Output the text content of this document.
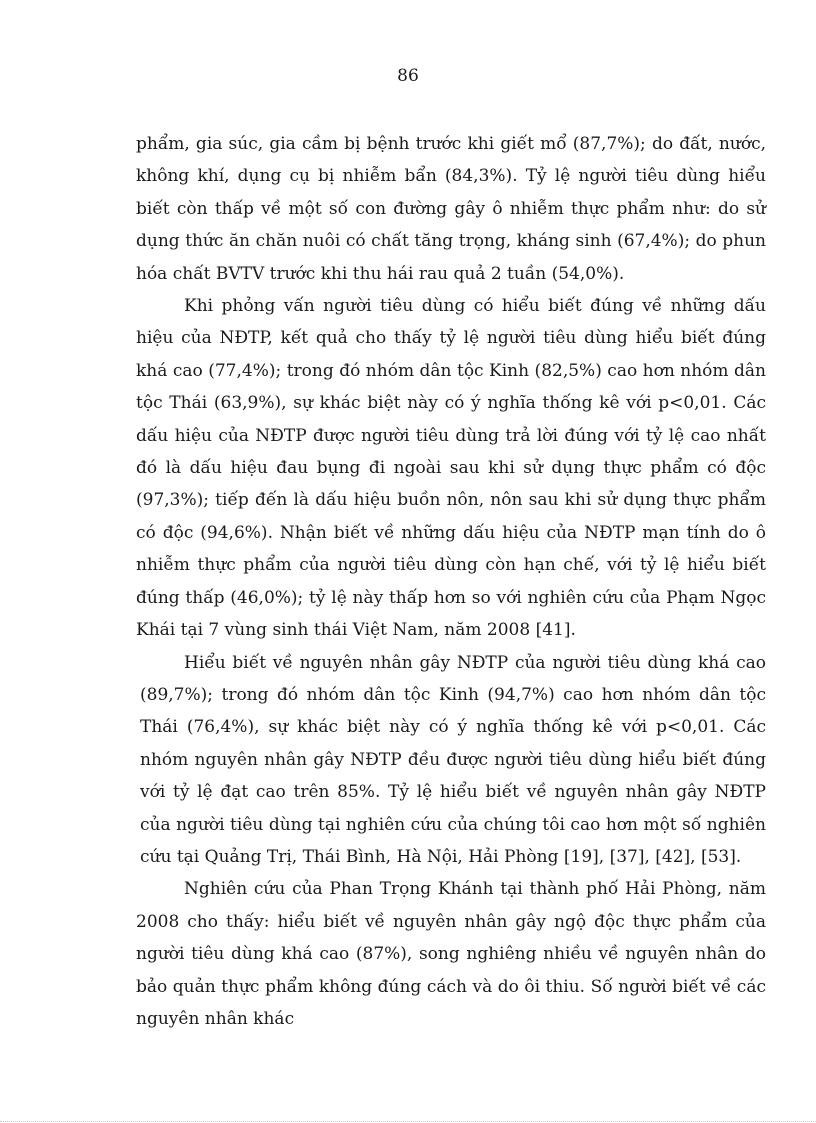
86

phẩm, gia súc, gia cầm bị bệnh trước khi giết mổ (87,7%); do đất, nước, không khí, dụng cụ bị nhiễm bẩn (84,3%). Tỷ lệ người tiêu dùng hiểu biết còn thấp về một số con đường gây ô nhiễm thực phẩm như: do sử dụng thức ăn chăn nuôi có chất tăng trọng, kháng sinh (67,4%); do phun hóa chất BVTV trước khi thu hái rau quả 2 tuần (54,0%).

Khi phỏng vấn người tiêu dùng có hiểu biết đúng về những dấu hiệu của NĐTP, kết quả cho thấy tỷ lệ người tiêu dùng hiểu biết đúng khá cao (77,4%); trong đó nhóm dân tộc Kinh (82,5%) cao hơn nhóm dân tộc Thái (63,9%), sự khác biệt này có ý nghĩa thống kê với p<0,01. Các dấu hiệu của NĐTP được người tiêu dùng trả lời đúng với tỷ lệ cao nhất đó là dấu hiệu đau bụng đi ngoài sau khi sử dụng thực phẩm có độc (97,3%); tiếp đến là dấu hiệu buồn nôn, nôn sau khi sử dụng thực phẩm có độc (94,6%). Nhận biết về những dấu hiệu của NĐTP mạn tính do ô nhiễm thực phẩm của người tiêu dùng còn hạn chế, với tỷ lệ hiểu biết đúng thấp (46,0%); tỷ lệ này thấp hơn so với nghiên cứu của Phạm Ngọc Khái tại 7 vùng sinh thái Việt Nam, năm 2008 [41].

Hiểu biết về nguyên nhân gây NĐTP của người tiêu dùng khá cao (89,7%); trong đó nhóm dân tộc Kinh (94,7%) cao hơn nhóm dân tộc Thái (76,4%), sự khác biệt này có ý nghĩa thống kê với p<0,01. Các nhóm nguyên nhân gây NĐTP đều được người tiêu dùng hiểu biết đúng với tỷ lệ đạt cao trên 85%. Tỷ lệ hiểu biết về nguyên nhân gây NĐTP của người tiêu dùng tại nghiên cứu của chúng tôi cao hơn một số nghiên cứu tại Quảng Trị, Thái Bình, Hà Nội, Hải Phòng [19], [37], [42], [53].

Nghiên cứu của Phan Trọng Khánh tại thành phố Hải Phòng, năm 2008 cho thấy: hiểu biết về nguyên nhân gây ngộ độc thực phẩm của người tiêu dùng khá cao (87%), song nghiêng nhiều về nguyên nhân do bảo quản thực phẩm không đúng cách và do ôi thiu. Số người biết về các nguyên nhân khác
